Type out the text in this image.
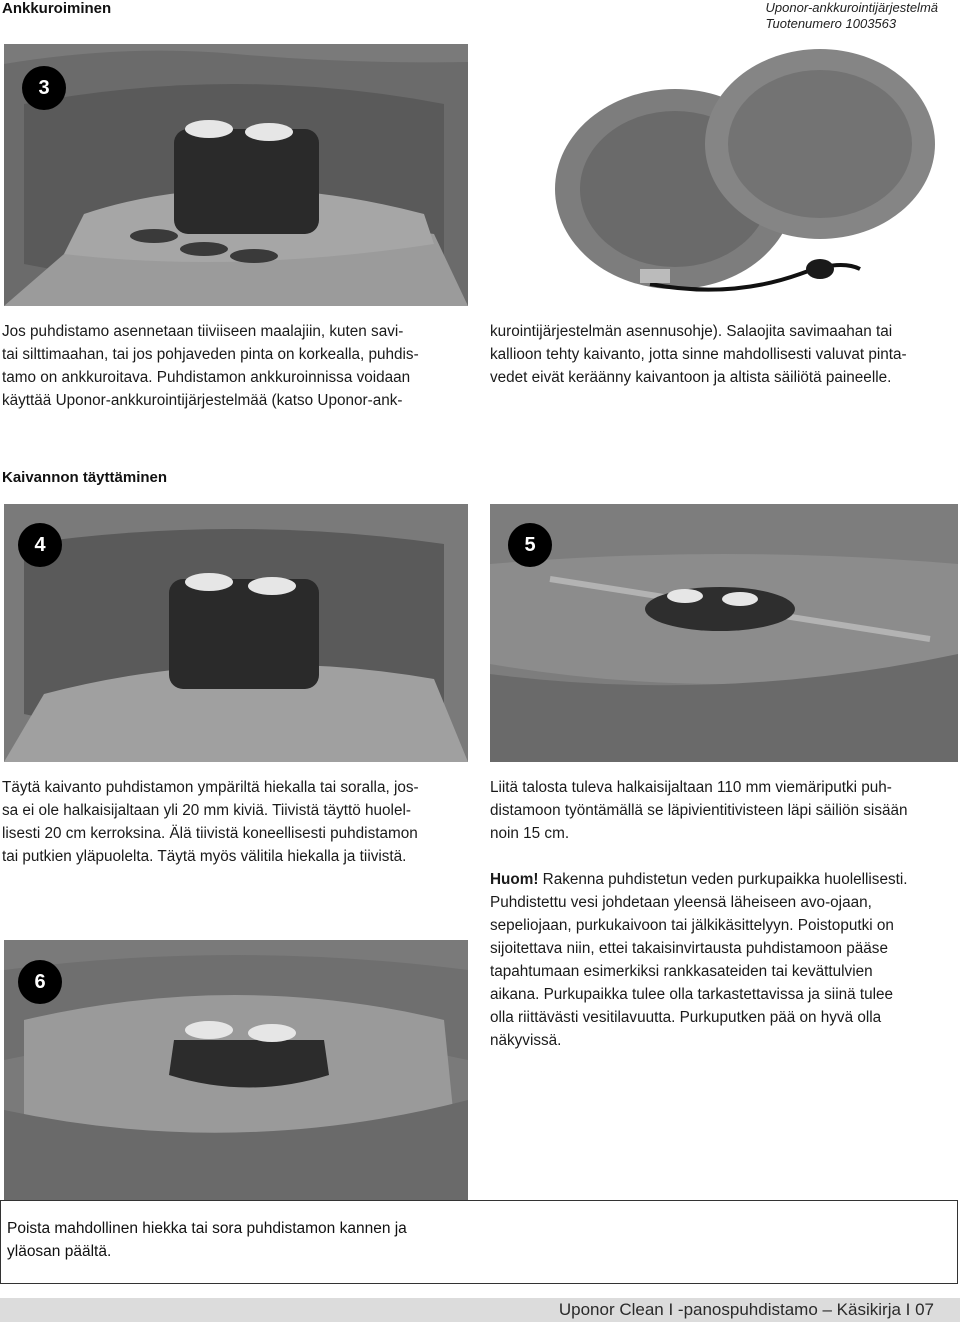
Ankkuroiminen	Uponor-ankkurointijärjestelmä
Tuotenumero 1003563
3
Jos puhdistamo asennetaan tiiviiseen maalajiin, kuten savi-
tai silttimaahan, tai jos pohjaveden pinta on korkealla, puhdis-
tamo on ankkuroitava. Puhdistamon ankkuroinnissa voidaan
käyttää Uponor-ankkurointijärjestelmää (katso Uponor-ank-
kurointijärjestelmän asennusohje). Salaojita savimaahan tai
kallioon tehty kaivanto, jotta sinne mahdollisesti valuvat pinta-
vedet eivät keräänny kaivantoon ja altista säiliötä paineelle.
Kaivannon täyttäminen
4	5
Täytä kaivanto puhdistamon ympäriltä hiekalla tai soralla, jos-
sa ei ole halkaisijaltaan yli 20 mm kiviä. Tiivistä täyttö huolel-
lisesti 20 cm kerroksina. Älä tiivistä koneellisesti puhdistamon
tai putkien yläpuolelta. Täytä myös välitila hiekalla ja tiivistä.
Liitä talosta tuleva halkaisijaltaan 110 mm viemäriputki puh-
distamoon työntämällä se läpivientitivisteen läpi säiliön sisään
noin 15 cm.
Huom! Rakenna puhdistetun veden purkupaikka huolellisesti.
Puhdistettu vesi johdetaan yleensä läheiseen avo-ojaan,
sepeliojaan, purkukaivoon tai jälkikäsittelyyn. Poistoputki on
sijoitettava niin, ettei takaisinvirtausta puhdistamoon pääse
tapahtumaan esimerkiksi rankkasateiden tai kevättulvien
aikana. Purkupaikka tulee olla tarkastettavissa ja siinä tulee
olla riittävästi vesitilavuutta. Purkuputken pää on hyvä olla
näkyvissä.
6
Poista mahdollinen hiekka tai sora puhdistamon kannen ja
yläosan päältä.
Uponor Clean I -panospuhdistamo – Käsikirja I 07
